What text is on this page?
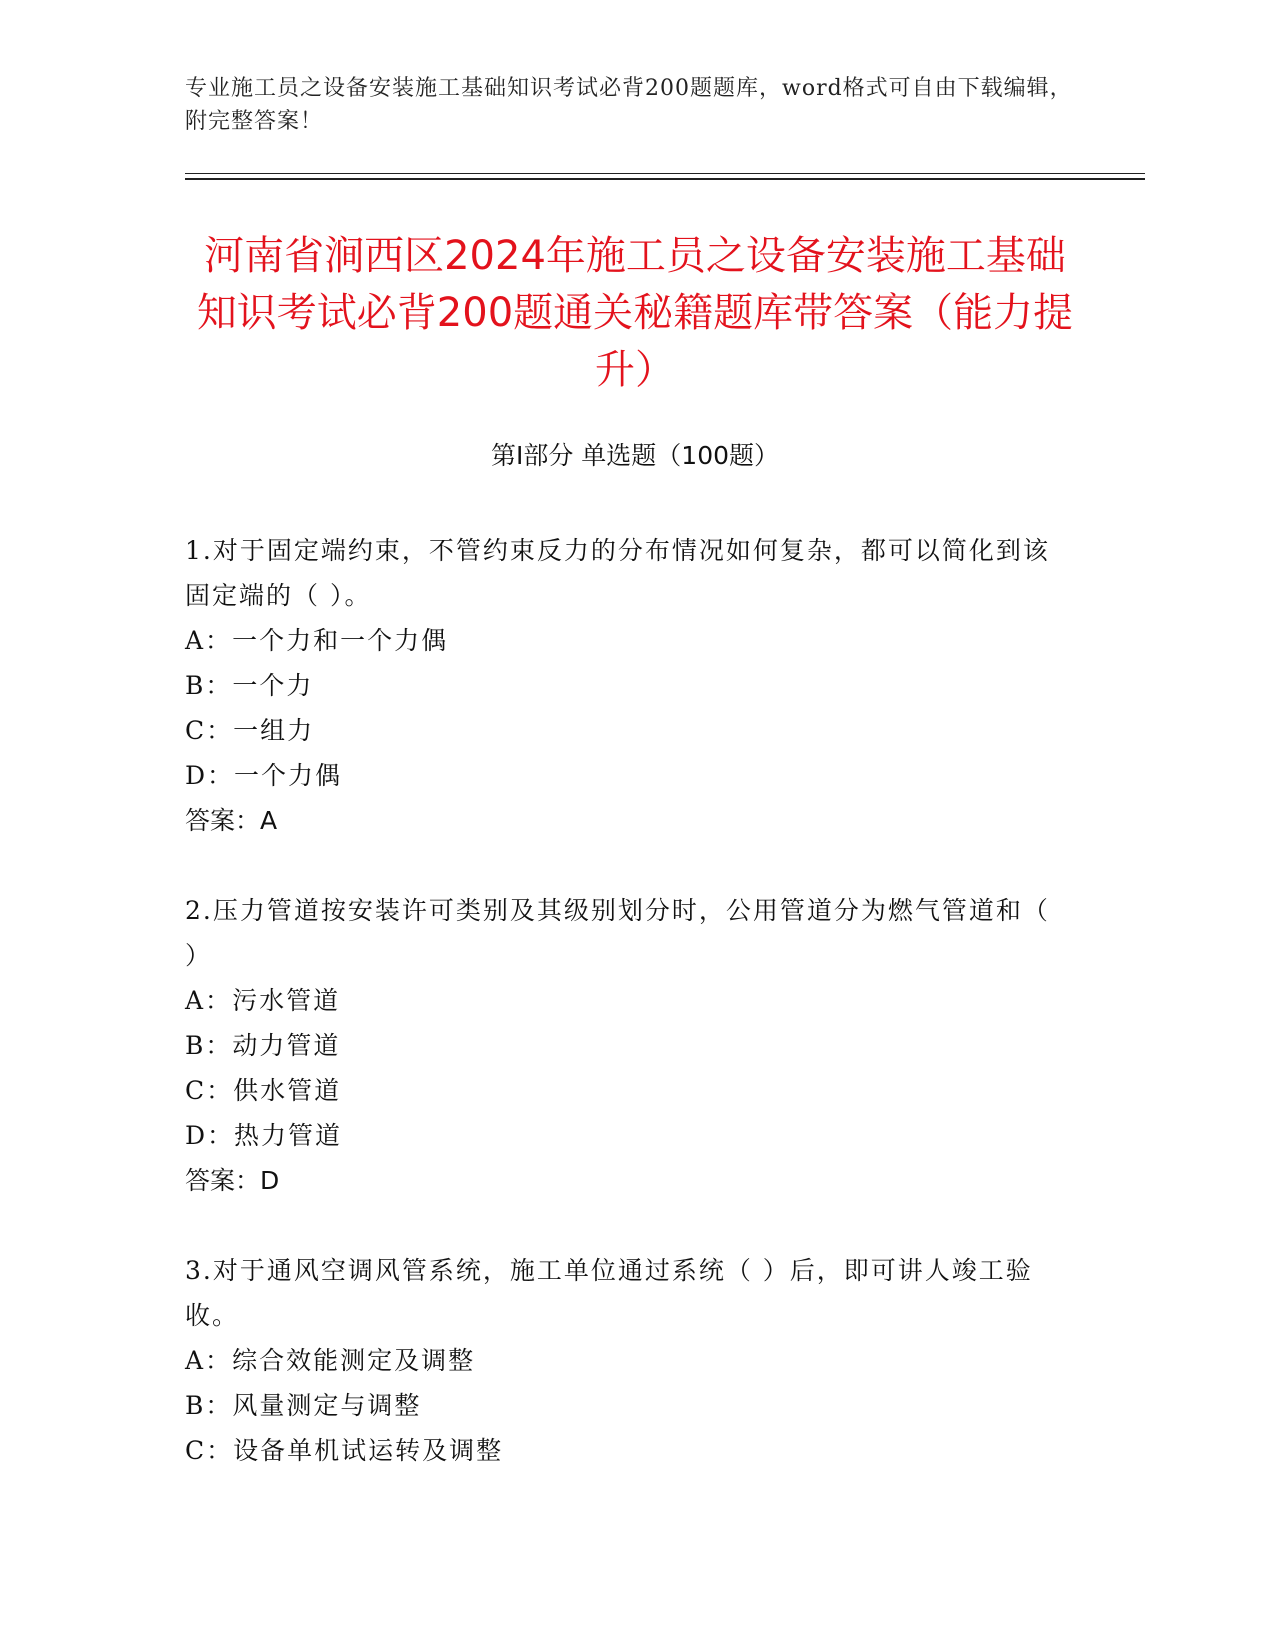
专业施工员之设备安装施工基础知识考试必背200题题库，word格式可自由下载编辑，附完整答案！
河南省涧西区2024年施工员之设备安装施工基础知识考试必背200题通关秘籍题库带答案（能力提升）
第Ⅰ部分 单选题（100题）

1.对于固定端约束，不管约束反力的分布情况如何复杂，都可以简化到该固定端的（ ）。

A： 一个力和一个力偶

B： 一个力

C： 一组力

D： 一个力偶

答案：A

2.压力管道按安装许可类别及其级别划分时，公用管道分为燃气管道和（ ）

A： 污水管道

B： 动力管道

C： 供水管道

D： 热力管道

答案：D

3.对于通风空调风管系统，施工单位通过系统（ ）后，即可讲人竣工验收。

A： 综合效能测定及调整

B： 风量测定与调整

C： 设备单机试运转及调整
